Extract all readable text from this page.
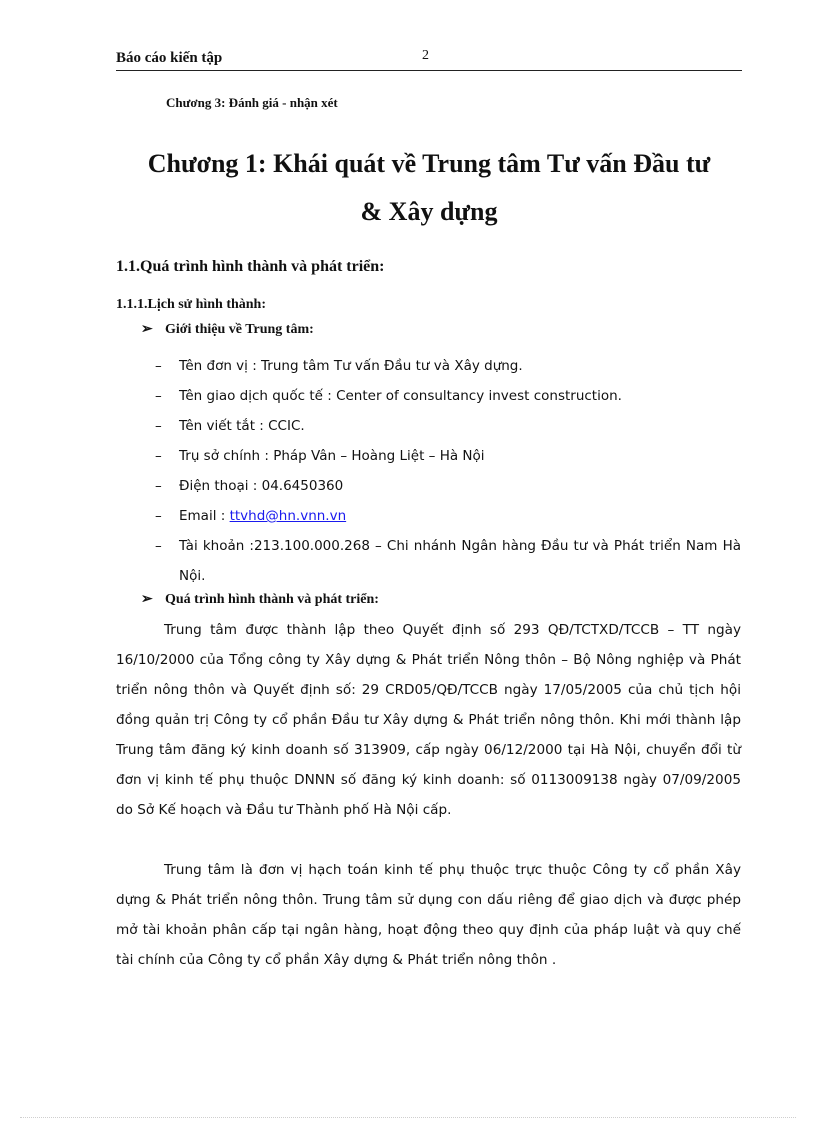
Báo cáo kiến tập	2
Chương 3: Đánh giá - nhận xét
Chương 1: Khái quát về Trung tâm Tư vấn Đầu tư
& Xây dựng
1.1.Quá trình hình thành và phát triển:
1.1.1.Lịch sử hình thành:
➢ Giới thiệu về Trung tâm:
– Tên đơn vị : Trung tâm Tư vấn Đầu tư và Xây dựng.
– Tên giao dịch quốc tế : Center of consultancy invest construction.
– Tên viết tắt : CCIC.
– Trụ sở chính : Pháp Vân – Hoàng Liệt – Hà Nội
– Điện thoại : 04.6450360
– Email : ttvhd@hn.vnn.vn
– Tài khoản :213.100.000.268 – Chi nhánh Ngân hàng Đầu tư và Phát triển Nam Hà Nội.
➢ Quá trình hình thành và phát triển:

Trung tâm được thành lập theo Quyết định số 293 QĐ/TCTXD/TCCB – TT ngày 16/10/2000 của Tổng công ty Xây dựng & Phát triển Nông thôn – Bộ Nông nghiệp và Phát triển nông thôn và Quyết định số: 29 CRD05/QĐ/TCCB ngày 17/05/2005 của chủ tịch hội đồng quản trị Công ty cổ phần Đầu tư Xây dựng & Phát triển nông thôn. Khi mới thành lập Trung tâm đăng ký kinh doanh số 313909, cấp ngày 06/12/2000 tại Hà Nội, chuyển đổi từ đơn vị kinh tế phụ thuộc DNNN số đăng ký kinh doanh: số 0113009138 ngày 07/09/2005 do Sở Kế hoạch và Đầu tư Thành phố Hà Nội cấp.

Trung tâm là đơn vị hạch toán kinh tế phụ thuộc trực thuộc Công ty cổ phần Xây dựng & Phát triển nông thôn. Trung tâm sử dụng con dấu riêng để giao dịch và được phép mở tài khoản phân cấp tại ngân hàng, hoạt động theo quy định của pháp luật và quy chế tài chính của Công ty cổ phần Xây dựng & Phát triển nông thôn .
